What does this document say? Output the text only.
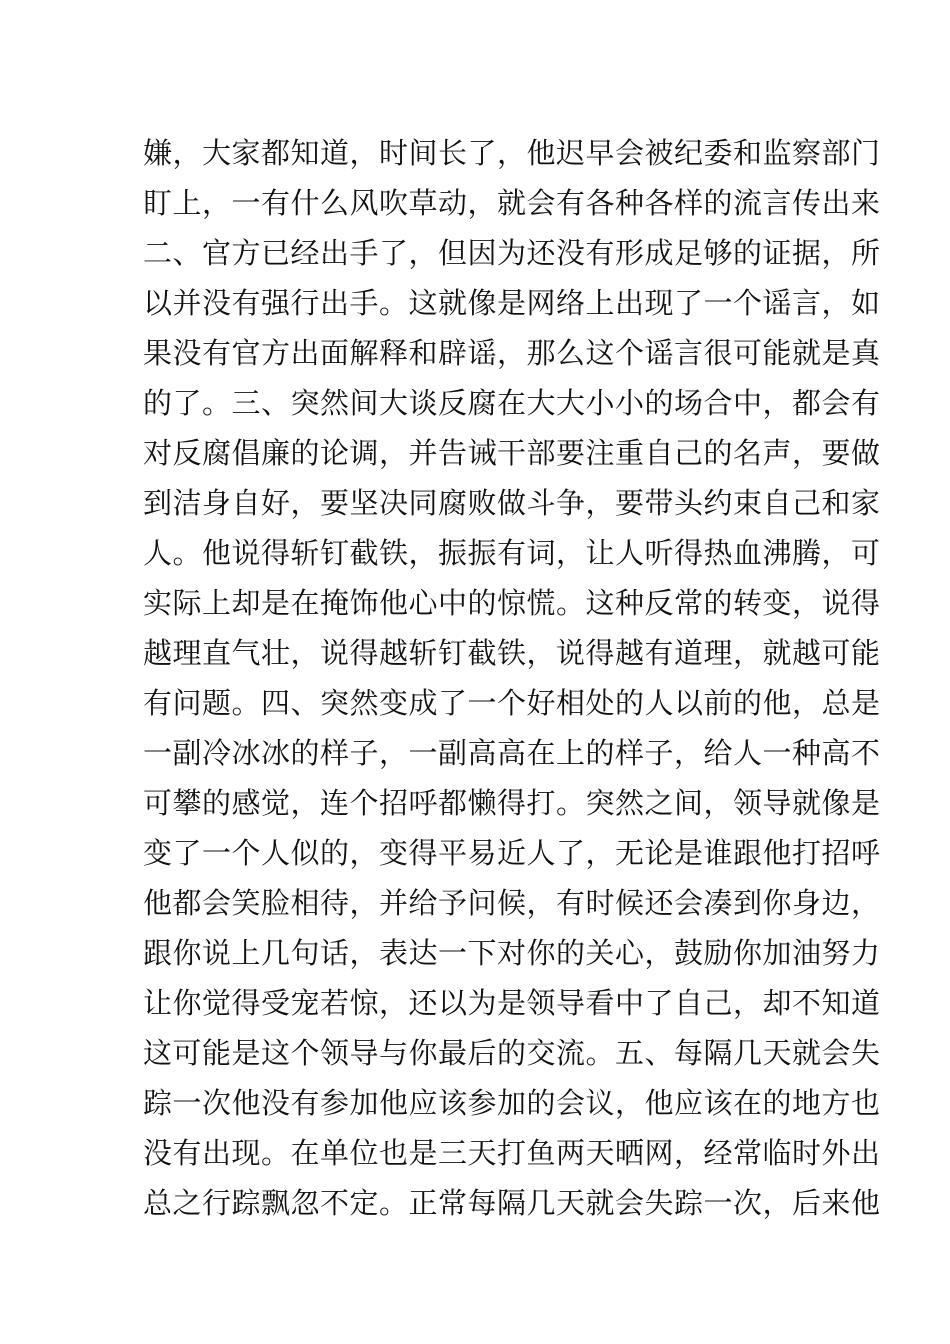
嫌，大家都知道，时间长了，他迟早会被纪委和监察部门
盯上，一有什么风吹草动，就会有各种各样的流言传出来
二、官方已经出手了，但因为还没有形成足够的证据，所
以并没有强行出手。这就像是网络上出现了一个谣言，如
果没有官方出面解释和辟谣，那么这个谣言很可能就是真
的了。三、突然间大谈反腐在大大小小的场合中，都会有
对反腐倡廉的论调，并告诫干部要注重自己的名声，要做
到洁身自好，要坚决同腐败做斗争，要带头约束自己和家
人。他说得斩钉截铁，振振有词，让人听得热血沸腾，可
实际上却是在掩饰他心中的惊慌。这种反常的转变，说得
越理直气壮，说得越斩钉截铁，说得越有道理，就越可能
有问题。四、突然变成了一个好相处的人以前的他，总是
一副冷冰冰的样子，一副高高在上的样子，给人一种高不
可攀的感觉，连个招呼都懒得打。突然之间，领导就像是
变了一个人似的，变得平易近人了，无论是谁跟他打招呼
他都会笑脸相待，并给予问候，有时候还会凑到你身边，
跟你说上几句话，表达一下对你的关心，鼓励你加油努力
让你觉得受宠若惊，还以为是领导看中了自己，却不知道
这可能是这个领导与你最后的交流。五、每隔几天就会失
踪一次他没有参加他应该参加的会议，他应该在的地方也
没有出现。在单位也是三天打鱼两天晒网，经常临时外出
总之行踪飘忽不定。正常每隔几天就会失踪一次，后来他
